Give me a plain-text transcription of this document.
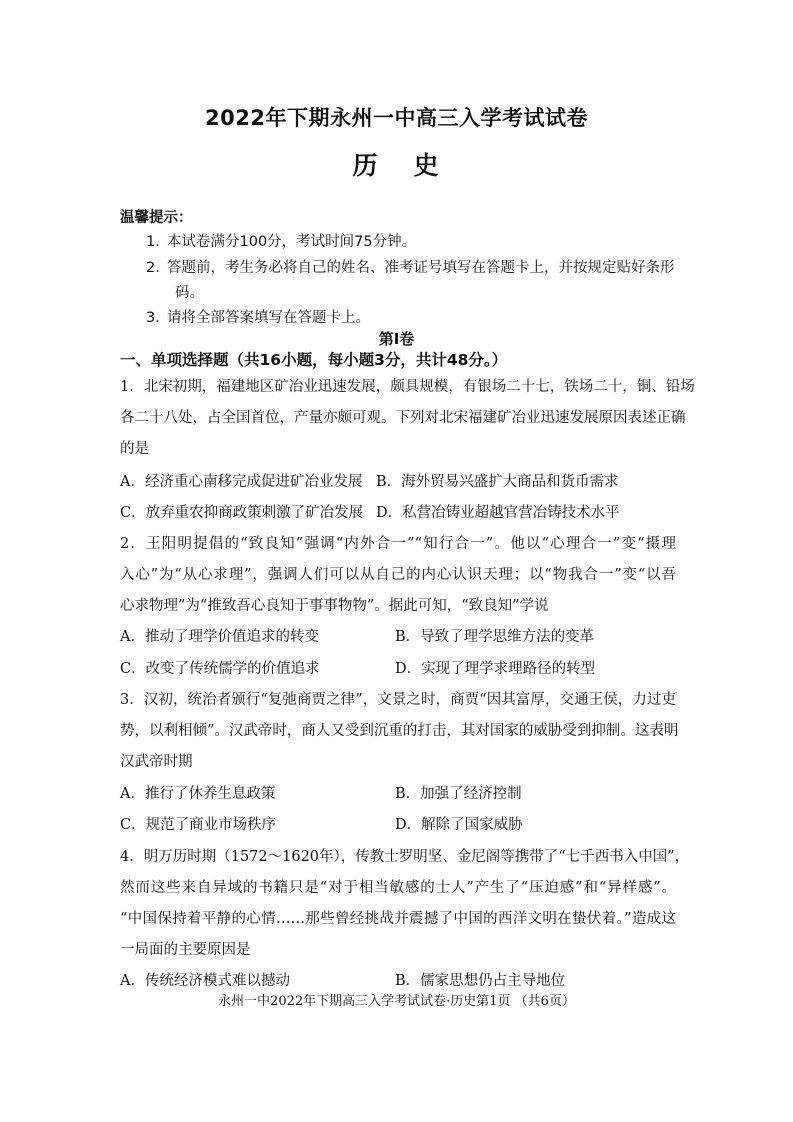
2022年下期永州一中高三入学考试试卷
历 史
温馨提示：
1．本试卷满分100分，考试时间75分钟。
2．答题前，考生务必将自己的姓名、准考证号填写在答题卡上，并按规定贴好条形
码。
3．请将全部答案填写在答题卡上。
第I卷
一、单项选择题（共16小题，每小题3分，共计48分。）
1．北宋初期，福建地区矿冶业迅速发展，颇具规模，有银场二十七，铁场二十，铜、铅场
各二十八处，占全国首位，产量亦颇可观。下列对北宋福建矿冶业迅速发展原因表述正确
的是
A．经济重心南移完成促进矿冶业发展 B．海外贸易兴盛扩大商品和货币需求
C．放弃重农抑商政策刺激了矿冶发展 D．私营冶铸业超越官营冶铸技术水平
2．王阳明提倡的“致良知”强调“内外合一”“知行合一”。他以“心理合一”变“摄理
入心”为“从心求理”，强调人们可以从自己的内心认识天理；以“物我合一”变“以吾
心求物理”为“推致吾心良知于事事物物”。据此可知，“致良知”学说
A．推动了理学价值追求的转变	B．导致了理学思维方法的变革
C．改变了传统儒学的价值追求	D．实现了理学求理路径的转型
3．汉初，统治者颁行“复弛商贾之律”，文景之时，商贾“因其富厚，交通王侯，力过吏
势，以利相倾”。汉武帝时，商人又受到沉重的打击，其对国家的威胁受到抑制。这表明
汉武帝时期
A．推行了休养生息政策	B．加强了经济控制
C．规范了商业市场秩序	D．解除了国家威胁
4．明万历时期（1572～1620年），传教士罗明坚、金尼阁等携带了“七千西书入中国”，
然而这些来自异域的书籍只是“对于相当敏感的士人”产生了“压迫感”和“异样感”。
“中国保持着平静的心情……那些曾经挑战并震撼了中国的西洋文明在蛰伏着。”造成这
一局面的主要原因是
A．传统经济模式难以撼动	B．儒家思想仍占主导地位
永州一中2022年下期高三入学考试试卷·历史第1页 （共6页）
